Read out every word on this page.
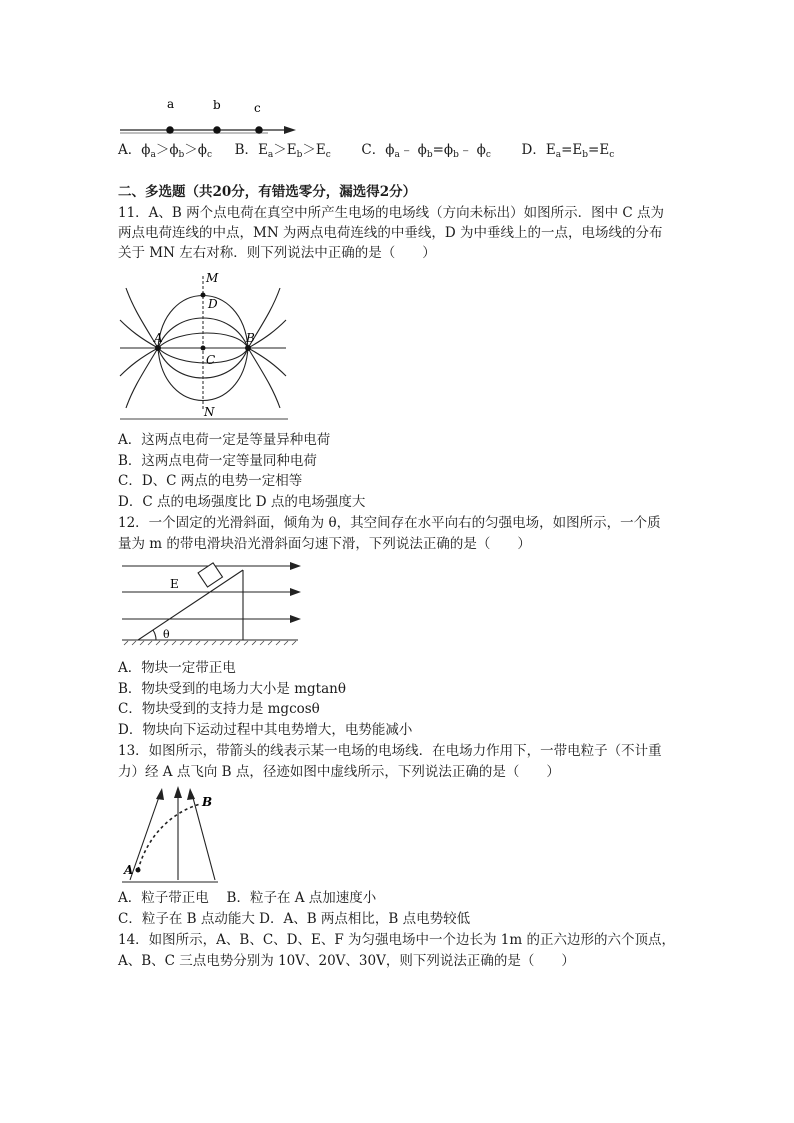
a	b	c
A．$\phi_a>\phi_b>\phi_c$ B．$E_a>E_b>E_c$ C．$\phi_a﹣$ $\phi_b=\phi_b﹣$ $\phi_c$ D．$E_a=E_b=E_c$
二、多选题（共20分，有错选零分，漏选得2分）
11．A、B 两个点电荷在真空中所产生电场的电场线（方向未标出）如图所示．图中 C 点为
两点电荷连线的中点，MN 为两点电荷连线的中垂线，D 为中垂线上的一点，电场线的分布
关于 MN 左右对称．则下列说法中正确的是（　　）
M
D
A	B
C
N
A．这两点电荷一定是等量异种电荷
B．这两点电荷一定等量同种电荷
C．D、C 两点的电势一定相等
D．C 点的电场强度比 D 点的电场强度大
12．一个固定的光滑斜面，倾角为 θ，其空间存在水平向右的匀强电场，如图所示，一个质
量为 m 的带电滑块沿光滑斜面匀速下滑，下列说法正确的是（　　）
E
θ
A．物块一定带正电
B．物块受到的电场力大小是 mgtanθ
C．物块受到的支持力是 mgcosθ
D．物块向下运动过程中其电势增大，电势能减小
13．如图所示，带箭头的线表示某一电场的电场线．在电场力作用下，一带电粒子（不计重
力）经 A 点飞向 B 点，径迹如图中虚线所示，下列说法正确的是（　　）
A
B
A．粒子带正电　 B．粒子在 A 点加速度小
C．粒子在 B 点动能大 D．A、B 两点相比，B 点电势较低
14．如图所示，A、B、C、D、E、F 为匀强电场中一个边长为 1m 的正六边形的六个顶点，
A、B、C 三点电势分别为 10V、20V、30V，则下列说法正确的是（　　）
